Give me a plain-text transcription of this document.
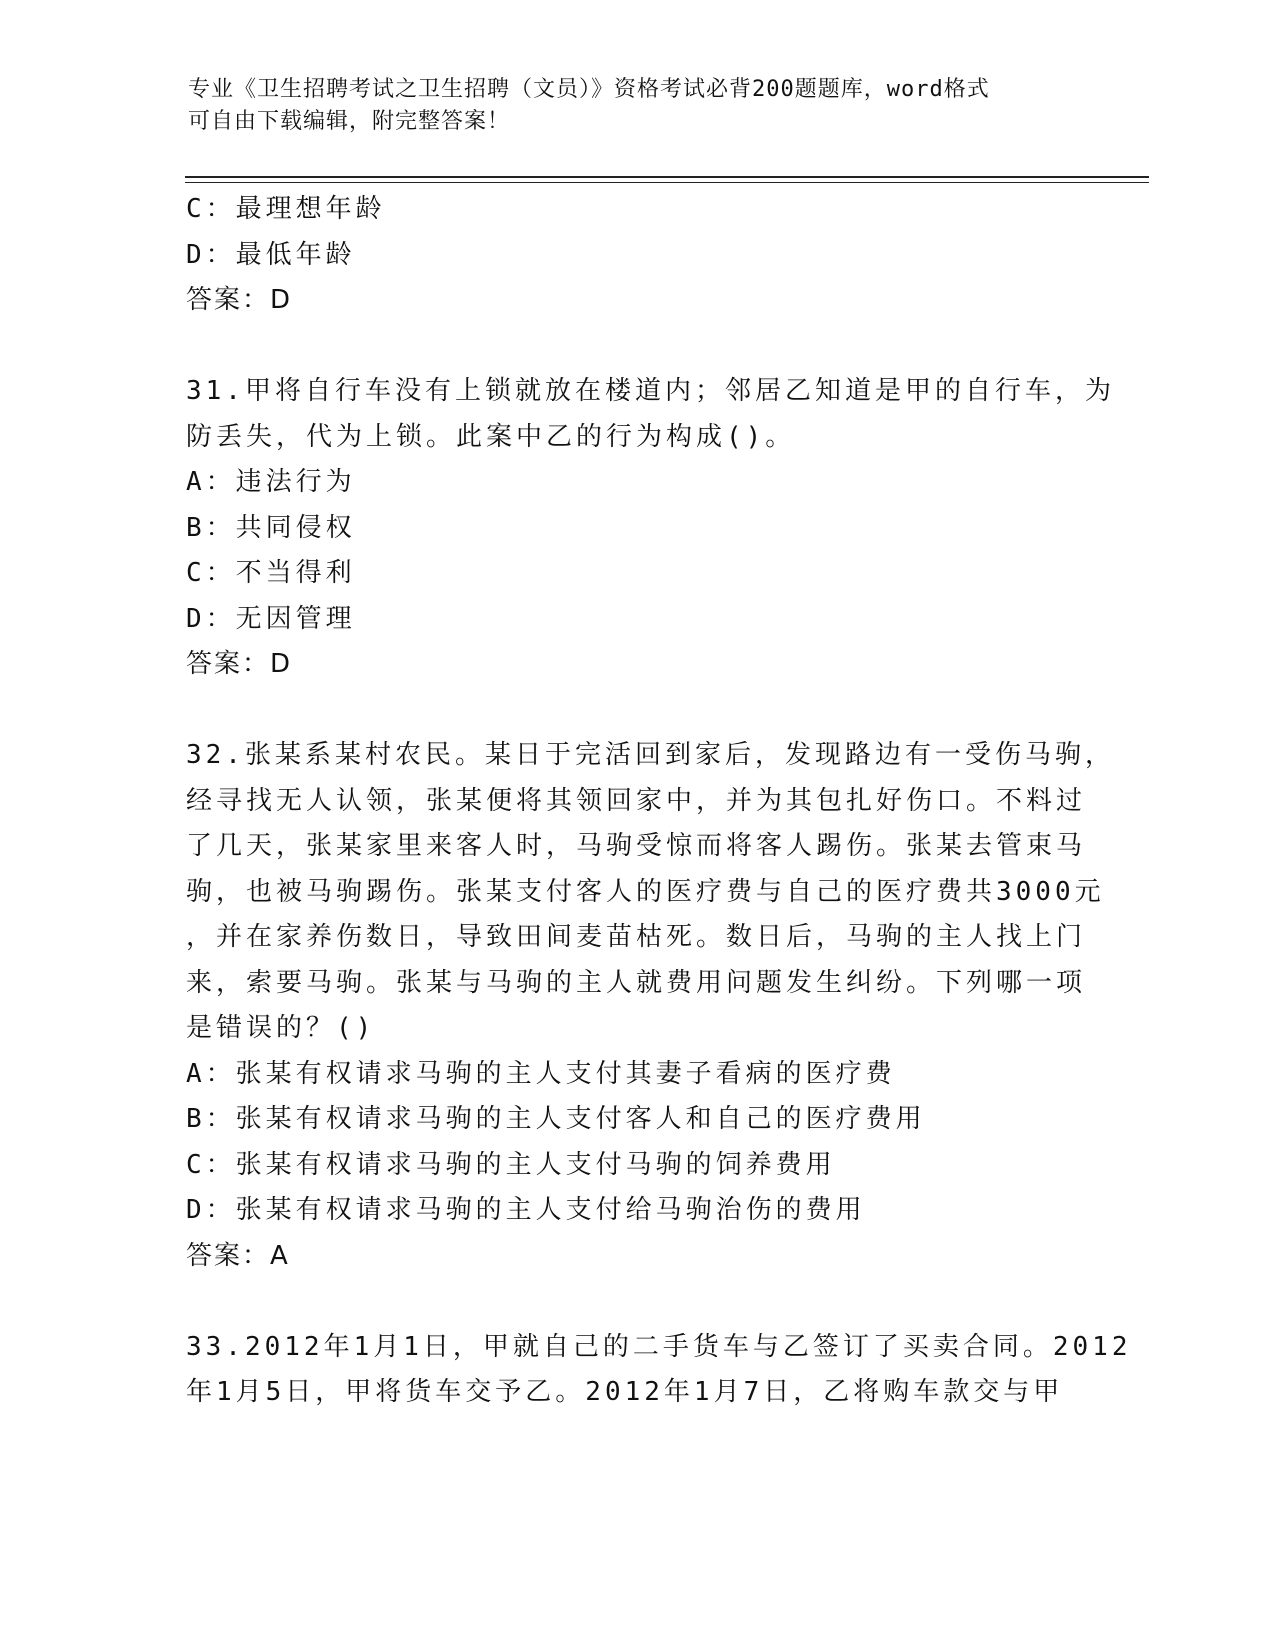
专业《卫生招聘考试之卫生招聘（文员）》资格考试必背200题题库，word格式
可自由下载编辑，附完整答案！
C：最理想年龄
D：最低年龄
答案：D
31.甲将自行车没有上锁就放在楼道内；邻居乙知道是甲的自行车，为
防丢失，代为上锁。此案中乙的行为构成()。
A：违法行为
B：共同侵权
C：不当得利
D：无因管理
答案：D
32.张某系某村农民。某日于完活回到家后，发现路边有一受伤马驹，
经寻找无人认领，张某便将其领回家中，并为其包扎好伤口。不料过
了几天，张某家里来客人时，马驹受惊而将客人踢伤。张某去管束马
驹，也被马驹踢伤。张某支付客人的医疗费与自己的医疗费共3000元
，并在家养伤数日，导致田间麦苗枯死。数日后，马驹的主人找上门
来，索要马驹。张某与马驹的主人就费用问题发生纠纷。下列哪一项
是错误的？()
A：张某有权请求马驹的主人支付其妻子看病的医疗费
B：张某有权请求马驹的主人支付客人和自己的医疗费用
C：张某有权请求马驹的主人支付马驹的饲养费用
D：张某有权请求马驹的主人支付给马驹治伤的费用
答案：A
33.2012年1月1日，甲就自己的二手货车与乙签订了买卖合同。2012
年1月5日，甲将货车交予乙。2012年1月7日，乙将购车款交与甲
